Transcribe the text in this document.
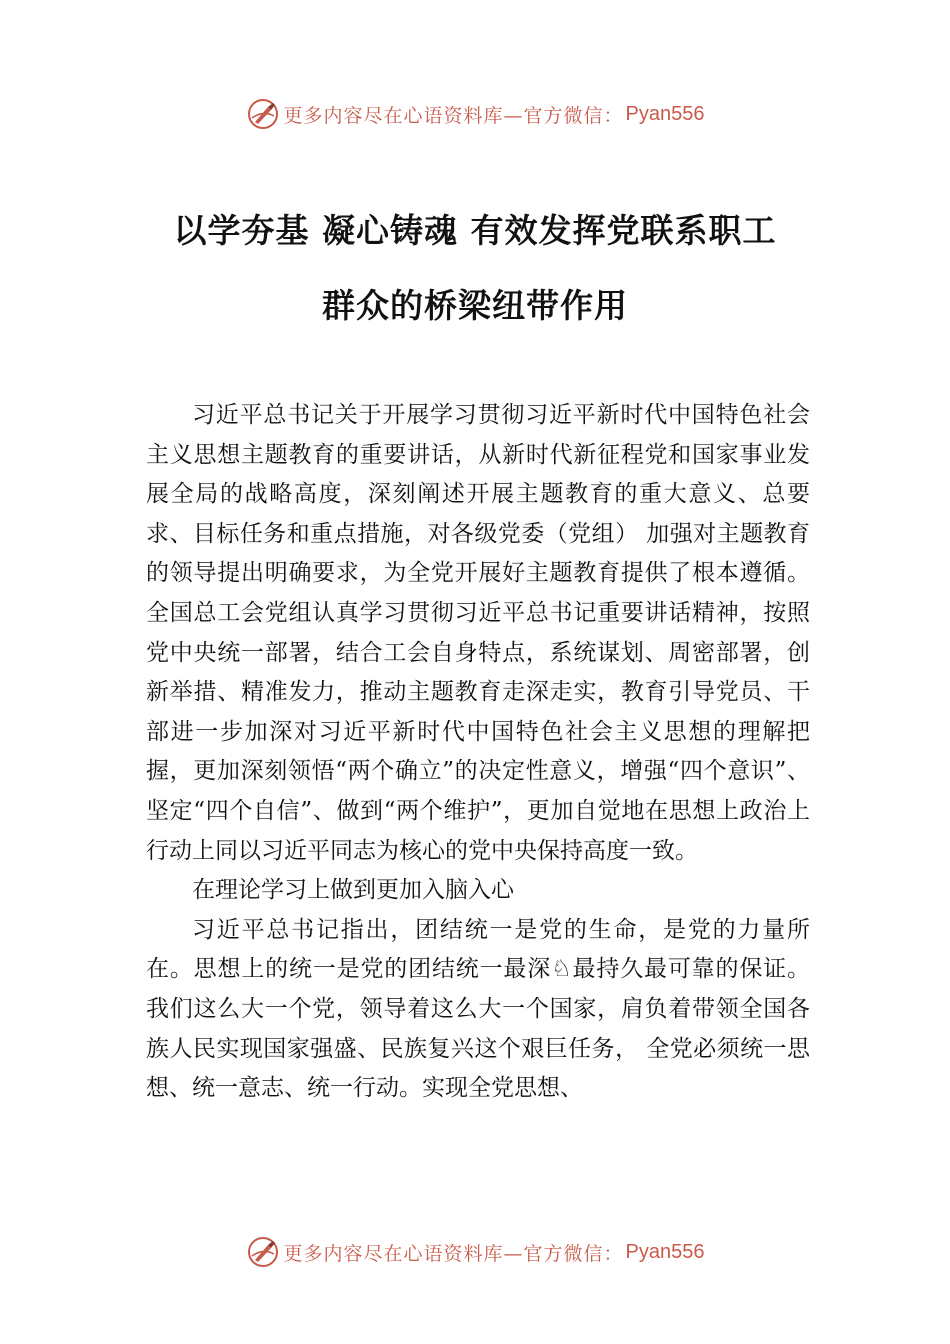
更多内容尽在心语资料库—官方微信： Pyan556
以学夯基 凝心铸魂 有效发挥党联系职工
群众的桥梁纽带作用

习近平总书记关于开展学习贯彻习近平新时代中国特色社会主义思想主题教育的重要讲话，从新时代新征程党和国家事业发展全局的战略高度，深刻阐述开展主题教育的重大意义、总要求、目标任务和重点措施，对各级党委（党组） 加强对主题教育的领导提出明确要求，为全党开展好主题教育提供了根本遵循。全国总工会党组认真学习贯彻习近平总书记重要讲话精神，按照党中央统一部署，结合工会自身特点，系统谋划、周密部署，创新举措、精准发力，推动主题教育走深走实，教育引导党员、干部进一步加深对习近平新时代中国特色社会主义思想的理解把握，更加深刻领悟“两个确立”的决定性意义，增强“四个意识”、坚定“四个自信”、做到“两个维护”，更加自觉地在思想上政治上行动上同以习近平同志为核心的党中央保持高度一致。

在理论学习上做到更加入脑入心

习近平总书记指出，团结统一是党的生命，是党的力量所在。思想上的统一是党的团结统一最深♘最持久最可靠的保证。我们这么大一个党，领导着这么大一个国家，肩负着带领全国各族人民实现国家强盛、民族复兴这个艰巨任务， 全党必须统一思想、统一意志、统一行动。实现全党思想、

更多内容尽在心语资料库—官方微信： Pyan556
